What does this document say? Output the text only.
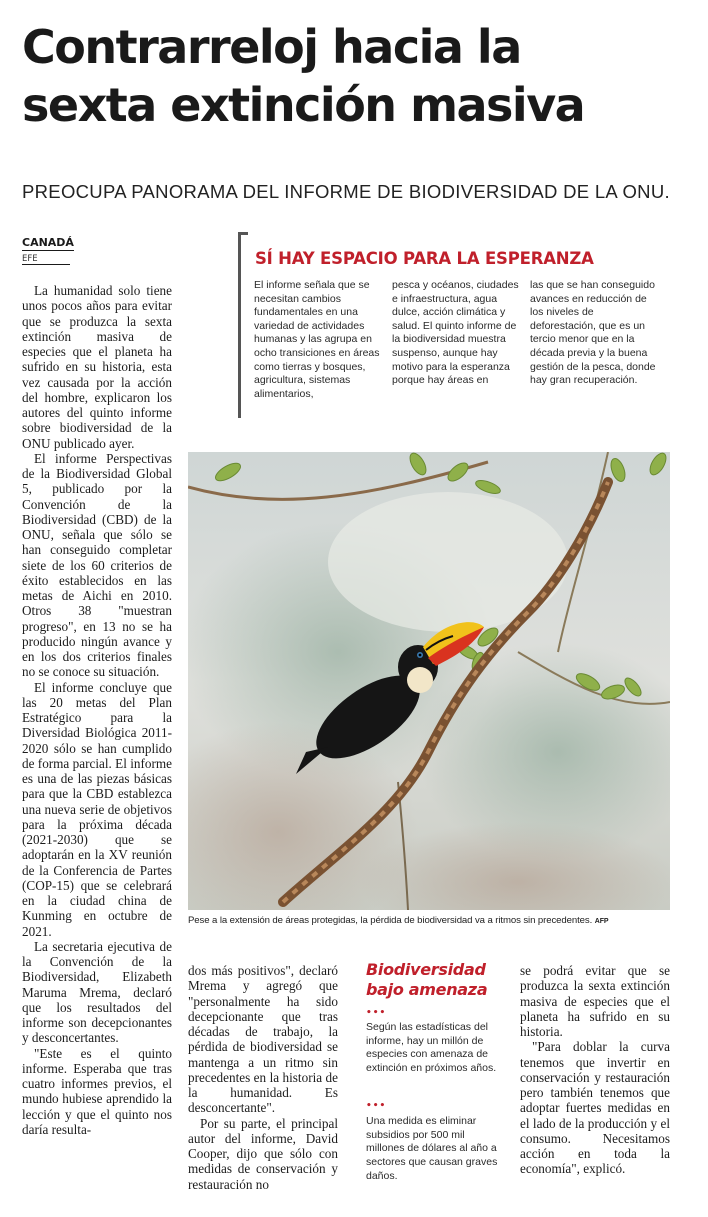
Contrarreloj hacia la
sexta extinción masiva
PREOCUPA PANORAMA DEL INFORME DE BIODIVERSIDAD DE LA ONU.
CANADÁ
EFE

La humanidad solo tiene unos pocos años para evitar que se produzca la sexta extinción masiva de especies que el planeta ha sufrido en su historia, esta vez causada por la acción del hombre, explicaron los autores del quinto informe sobre biodiversidad de la ONU publicado ayer.

El informe Perspectivas de la Biodiversidad Global 5, publicado por la Convención de la Biodiversidad (CBD) de la ONU, señala que sólo se han conseguido completar siete de los 60 criterios de éxito establecidos en las metas de Aichi en 2010. Otros 38 "muestran progreso", en 13 no se ha producido ningún avance y en los dos criterios finales no se conoce su situación.

El informe concluye que las 20 metas del Plan Estratégico para la Diversidad Biológica 2011-2020 sólo se han cumplido de forma parcial. El informe es una de las piezas básicas para que la CBD establezca una nueva serie de objetivos para la próxima década (2021-2030) que se adoptarán en la XV reunión de la Conferencia de Partes (COP-15) que se celebrará en la ciudad china de Kunming en octubre de 2021.

La secretaria ejecutiva de la Convención de la Biodiversidad, Elizabeth Maruma Mrema, declaró que los resultados del informe son decepcionantes y desconcertantes.

"Este es el quinto informe. Esperaba que tras cuatro informes previos, el mundo hubiese aprendido la lección y que el quinto nos daría resulta-

SÍ HAY ESPACIO PARA LA ESPERANZA
El informe señala que se necesitan cambios fundamentales en una variedad de actividades humanas y las agrupa en ocho transiciones en áreas como tierras y bosques, agricultura, sistemas alimentarios,
pesca y océanos, ciudades e infraestructura, agua dulce, acción climática y salud. El quinto informe de la biodiversidad muestra suspenso, aunque hay motivo para la esperanza porque hay áreas en
las que se han conseguido avances en reducción de los niveles de deforestación, que es un tercio menor que en la década previa y la buena gestión de la pesca, donde hay gran recuperación.
Pese a la extensión de áreas protegidas, la pérdida de biodiversidad va a ritmos sin precedentes. AFP

dos más positivos", declaró Mrema y agregó que "personalmente ha sido decepcionante que tras décadas de trabajo, la pérdida de biodiversidad se mantenga a un ritmo sin precedentes en la historia de la humanidad. Es desconcertante".

Por su parte, el principal autor del informe, David Cooper, dijo que sólo con medidas de conservación y restauración no

Biodiversidad bajo amenaza
•••
Según las estadísticas del informe, hay un millón de especies con amenaza de extinción en próximos años.
•••
Una medida es eliminar subsidios por 500 mil millones de dólares al año a sectores que causan graves daños.

se podrá evitar que se produzca la sexta extinción masiva de especies que el planeta ha sufrido en su historia.

"Para doblar la curva tenemos que invertir en conservación y restauración pero también tenemos que adoptar fuertes medidas en el lado de la producción y el consumo. Necesitamos acción en toda la economía", explicó.
